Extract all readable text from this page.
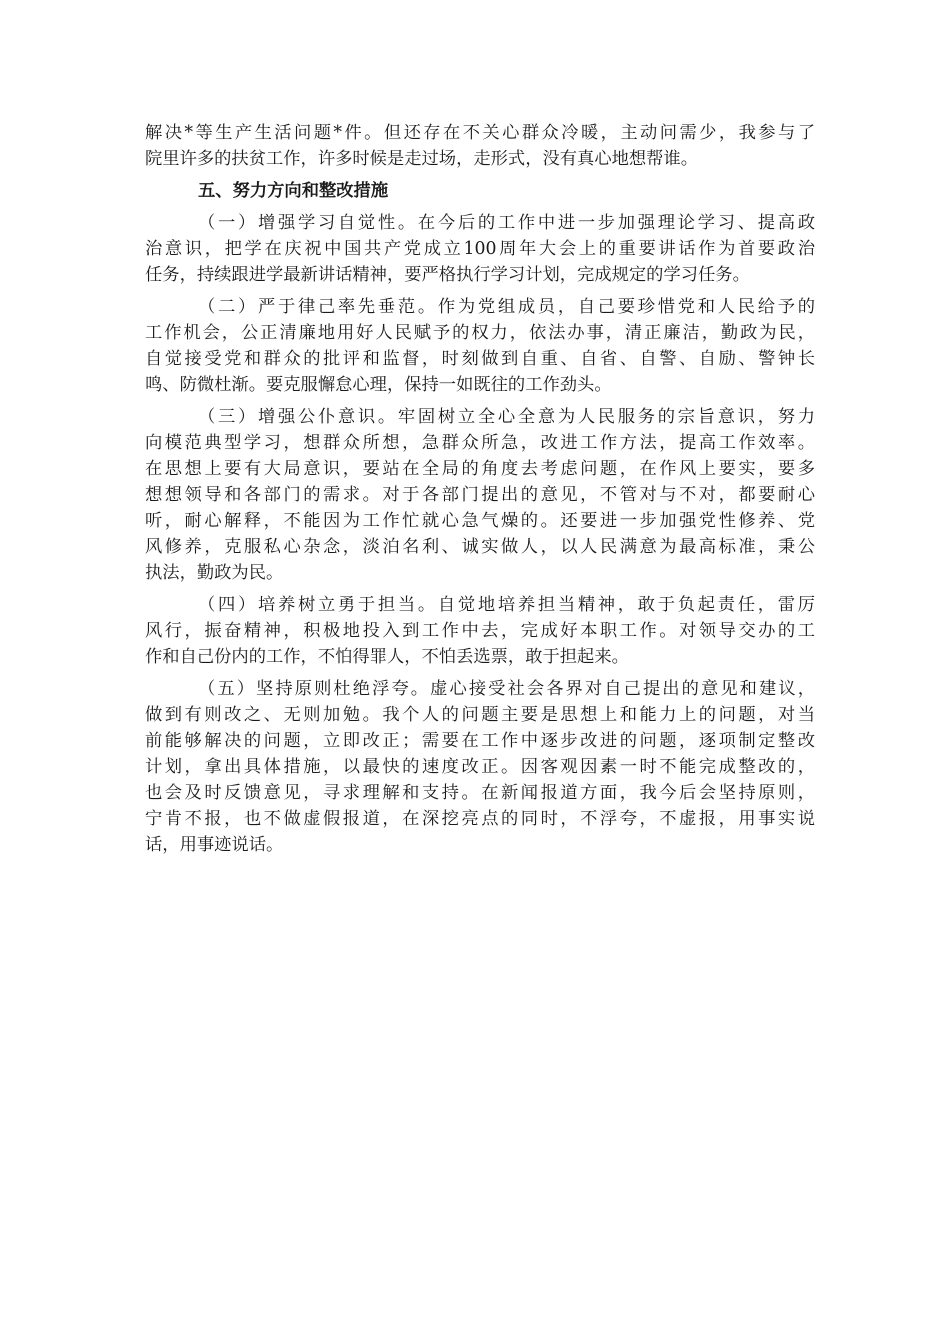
解决*等生产生活问题*件。但还存在不关心群众冷暖，主动问需少，我参与了
院里许多的扶贫工作，许多时候是走过场，走形式，没有真心地想帮谁。
五、努力方向和整改措施
（一）增强学习自觉性。在今后的工作中进一步加强理论学习、提高政
治意识，把学在庆祝中国共产党成立100周年大会上的重要讲话作为首要政治
任务，持续跟进学最新讲话精神，要严格执行学习计划，完成规定的学习任务。
（二）严于律己率先垂范。作为党组成员，自己要珍惜党和人民给予的
工作机会，公正清廉地用好人民赋予的权力，依法办事，清正廉洁，勤政为民，
自觉接受党和群众的批评和监督，时刻做到自重、自省、自警、自励、警钟长
鸣、防微杜渐。要克服懈怠心理，保持一如既往的工作劲头。
（三）增强公仆意识。牢固树立全心全意为人民服务的宗旨意识，努力
向模范典型学习，想群众所想，急群众所急，改进工作方法，提高工作效率。
在思想上要有大局意识，要站在全局的角度去考虑问题，在作风上要实，要多
想想领导和各部门的需求。对于各部门提出的意见，不管对与不对，都要耐心
听，耐心解释，不能因为工作忙就心急气燥的。还要进一步加强党性修养、党
风修养，克服私心杂念，淡泊名利、诚实做人，以人民满意为最高标准，秉公
执法，勤政为民。
（四）培养树立勇于担当。自觉地培养担当精神，敢于负起责任，雷厉
风行，振奋精神，积极地投入到工作中去，完成好本职工作。对领导交办的工
作和自己份内的工作，不怕得罪人，不怕丢选票，敢于担起来。
（五）坚持原则杜绝浮夸。虚心接受社会各界对自己提出的意见和建议，
做到有则改之、无则加勉。我个人的问题主要是思想上和能力上的问题，对当
前能够解决的问题，立即改正；需要在工作中逐步改进的问题，逐项制定整改
计划，拿出具体措施，以最快的速度改正。因客观因素一时不能完成整改的，
也会及时反馈意见，寻求理解和支持。在新闻报道方面，我今后会坚持原则，
宁肯不报，也不做虚假报道，在深挖亮点的同时，不浮夸，不虚报，用事实说
话，用事迹说话。
